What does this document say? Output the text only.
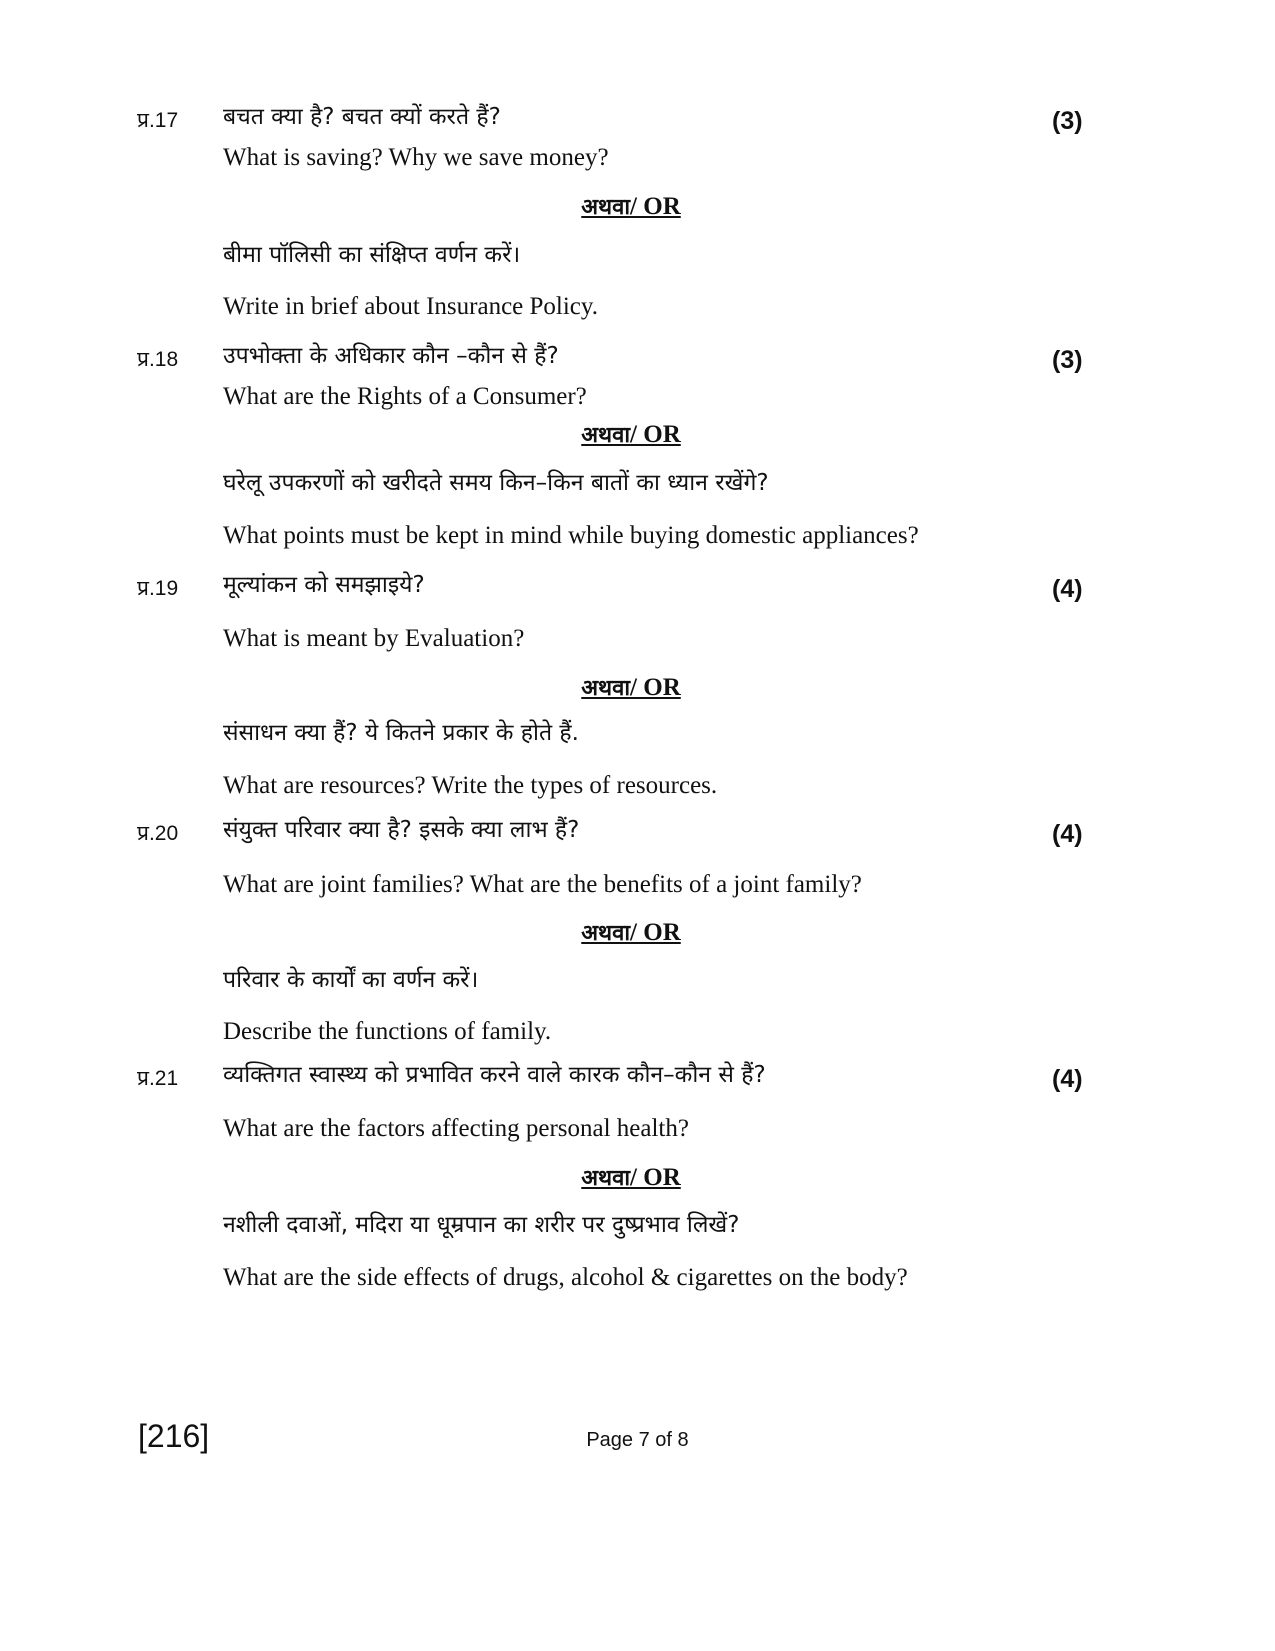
प्र.17 बचत क्या है? बचत क्यों करते हैं?	(3)
What is saving? Why we save money?
अथवा/ OR
बीमा पॉलिसी का संक्षिप्त वर्णन करें।
Write in brief about Insurance Policy.
प्र.18 उपभोक्ता के अधिकार कौन –कौन से हैं?	(3)
What are the Rights of a Consumer?
अथवा/ OR
घरेलू उपकरणों को खरीदते समय किन–किन बातों का ध्यान रखेंगे?
What points must be kept in mind while buying domestic appliances?
प्र.19 मूल्यांकन को समझाइये?	(4)
What is meant by Evaluation?
अथवा/ OR
संसाधन क्या हैं? ये कितने प्रकार के होते हैं.
What are resources? Write the types of resources.
प्र.20 संयुक्त परिवार क्या है? इसके क्या लाभ हैं?	(4)
What are joint families? What are the benefits of a joint family?
अथवा/ OR
परिवार के कार्यों का वर्णन करें।
Describe the functions of family.
प्र.21 व्यक्तिगत स्वास्थ्य को प्रभावित करने वाले कारक कौन–कौन से हैं?	(4)
What are the factors affecting personal health?
अथवा/ OR
नशीली दवाओं, मदिरा या धूम्रपान का शरीर पर दुष्प्रभाव लिखें?
What are the side effects of drugs, alcohol & cigarettes on the body?
[216]	Page 7 of 8
